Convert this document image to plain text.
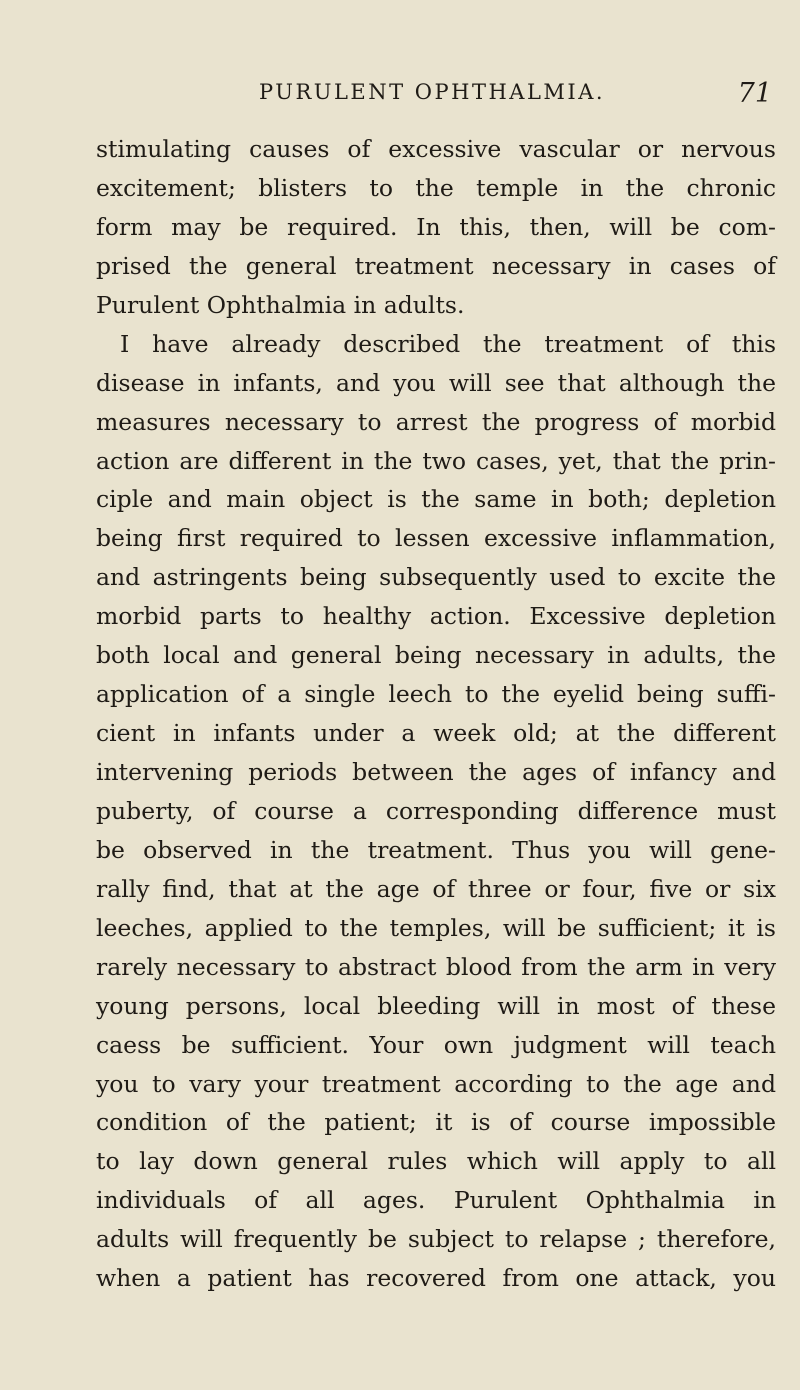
PURULENT OPHTHALMIA.	71
stimulating causes of excessive vascular or nervous
excitement; blisters to the temple in the chronic
form may be required. In this, then, will be com-
prised the general treatment necessary in cases of
Purulent Ophthalmia in adults.
I have already described the treatment of this
disease in infants, and you will see that although the
measures necessary to arrest the progress of morbid
action are different in the two cases, yet, that the prin-
ciple and main object is the same in both; depletion
being first required to lessen excessive inflammation,
and astringents being subsequently used to excite the
morbid parts to healthy action. Excessive depletion
both local and general being necessary in adults, the
application of a single leech to the eyelid being suffi-
cient in infants under a week old; at the different
intervening periods between the ages of infancy and
puberty, of course a corresponding difference must
be observed in the treatment. Thus you will gene-
rally find, that at the age of three or four, five or six
leeches, applied to the temples, will be sufficient; it is
rarely necessary to abstract blood from the arm in very
young persons, local bleeding will in most of these
caess be sufficient. Your own judgment will teach
you to vary your treatment according to the age and
condition of the patient; it is of course impossible
to lay down general rules which will apply to all
individuals of all ages. Purulent Ophthalmia in
adults will frequently be subject to relapse ; therefore,
when a patient has recovered from one attack, you
